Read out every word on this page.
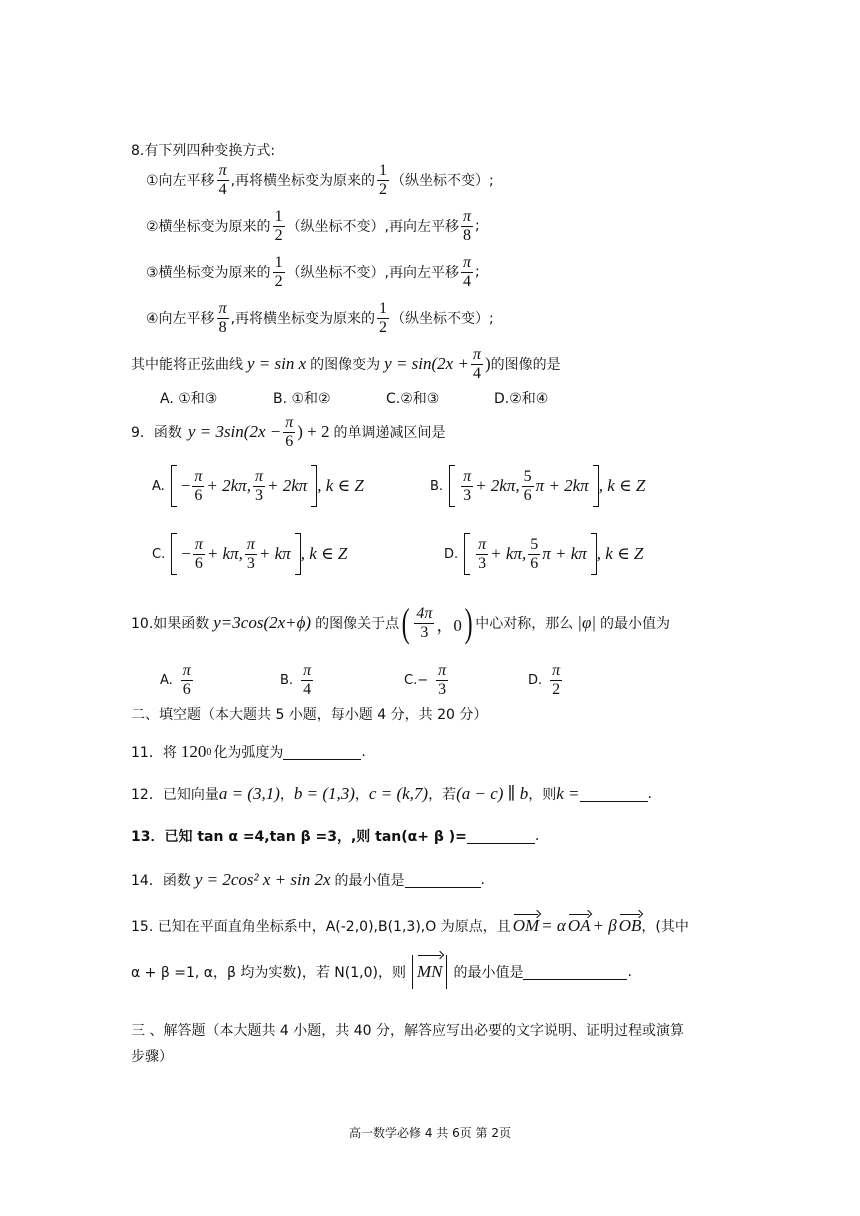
8.有下列四种变换方式:
①向左平移 $\frac{\pi}{4}$ ,再将横坐标变为原来的 $\frac{1}{2}$ （纵坐标不变）;
②横坐标变为原来的 $\frac{1}{2}$ （纵坐标不变）,再向左平移 $\frac{\pi}{8}$ ;
③横坐标变为原来的 $\frac{1}{2}$ （纵坐标不变）,再向左平移 $\frac{\pi}{4}$ ;
④向左平移 $\frac{\pi}{8}$ ,再将横坐标变为原来的 $\frac{1}{2}$ （纵坐标不变）;
其中能将正弦曲线 y = sin x 的图像变为 $y = \sin(2x + \frac{\pi}{4}$ ) 的图像的是
A. ①和③	B. ①和②	C.②和③	D.②和④
9．函数 $y = 3\sin(2x - \frac{\pi}{6}$ ) + 2 的单调递减区间是
A. − $\frac{\pi}{6} + 2k\pi$, $\frac{\pi}{3} + 2k\pi$ , k ∈ Z	B. $\frac{\pi}{3} + 2k\pi$, $\frac{5}{6}$ π + 2kπ , k ∈ Z
C. − $\frac{\pi}{6} + k\pi$, $\frac{\pi}{3} + k\pi$ , k ∈ Z	D. $\frac{\pi}{3} + k\pi$, $\frac{5}{6}$ π + kπ , k ∈ Z
10.如果函数 y=3cos(2x+ϕ) 的图像关于点 ( $\frac{4\pi}{3}$ ，0 ) 中心对称，那么 |φ| 的最小值为
A. $\frac{\pi}{6}$	B. $\frac{\pi}{4}$	$C.- \frac{\pi}{3}$	D. $\frac{\pi}{2}$
二、填空题（本大题共 5 小题，每小题 4 分，共 20 分）
11．将 120 0 化为弧度为	.
12．已知向量 a = (3,1) ， b = (1,3) ， c = (k,7) ，若 (a − c) ∥ b ，则 k =	.
13．已知 tan α =4,tan β =3，,则 tan(α+ β )=	.
14．函数 y = 2cos² x + sin 2x 的最小值是	.
15. 已知在平面直角坐标系中，A(-2,0),B(1,3),O 为原点，且 OM = α OA + β OB ，(其中
α + β =1, α，β 均为实数)，若 N(1,0)，则 MN 的最小值是	.
三 、解答题（本大题共 4 小题，共 40 分，解答应写出必要的文字说明、证明过程或演算
步骤）
高一数学必修 4 共 6页 第 2页
